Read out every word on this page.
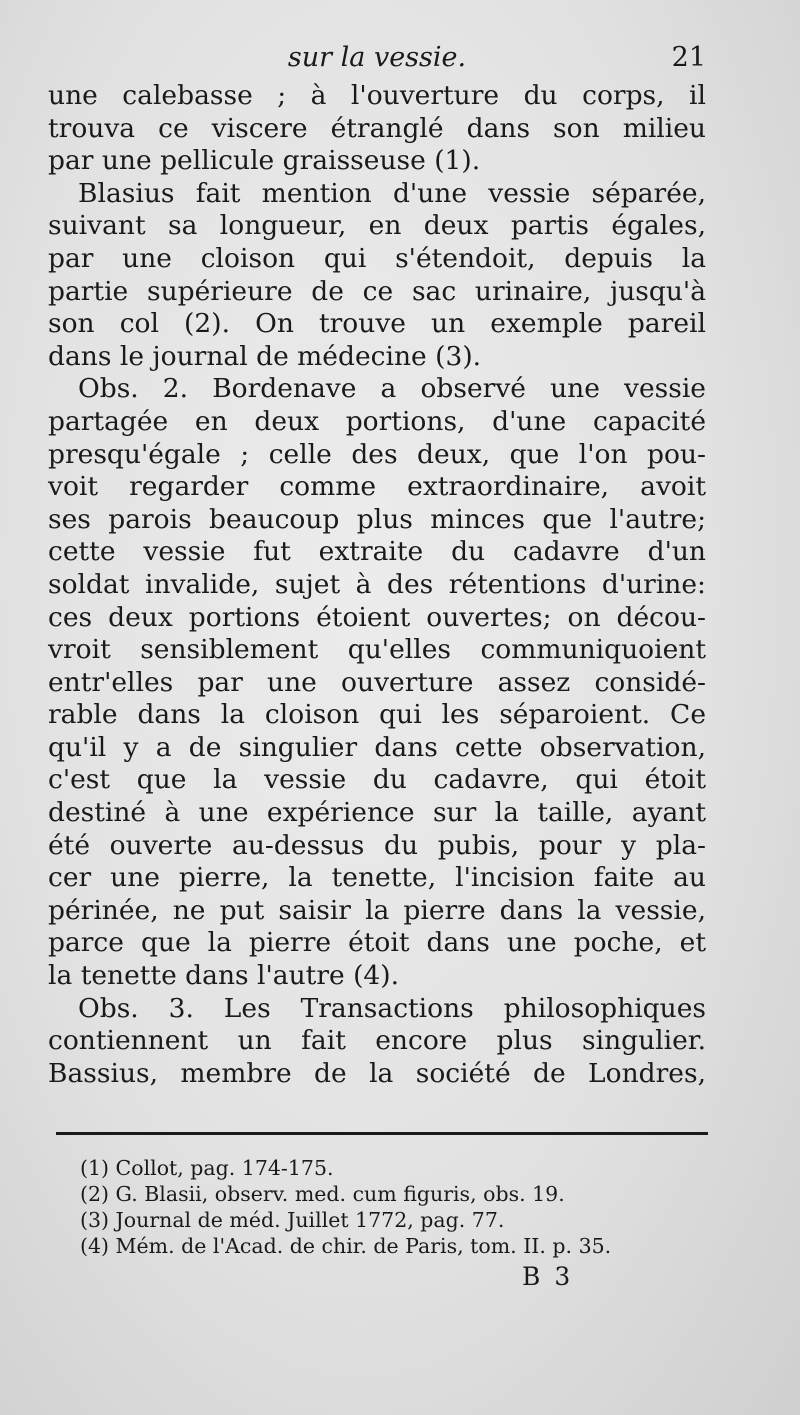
sur la vessie.	21
une calebasse ; à l'ouverture du corps, il
trouva ce viscere étranglé dans son milieu
par une pellicule graisseuse (1).
Blasius fait mention d'une vessie séparée,
suivant sa longueur, en deux partis égales,
par une cloison qui s'étendoit, depuis la
partie supérieure de ce sac urinaire, jusqu'à
son col (2). On trouve un exemple pareil
dans le journal de médecine (3).
Obs. 2. Bordenave a observé une vessie
partagée en deux portions, d'une capacité
presqu'égale ; celle des deux, que l'on pou-
voit regarder comme extraordinaire, avoit
ses parois beaucoup plus minces que l'autre;
cette vessie fut extraite du cadavre d'un
soldat invalide, sujet à des rétentions d'urine:
ces deux portions étoient ouvertes; on décou-
vroit sensiblement qu'elles communiquoient
entr'elles par une ouverture assez considé-
rable dans la cloison qui les séparoient. Ce
qu'il y a de singulier dans cette observation,
c'est que la vessie du cadavre, qui étoit
destiné à une expérience sur la taille, ayant
été ouverte au-dessus du pubis, pour y pla-
cer une pierre, la tenette, l'incision faite au
périnée, ne put saisir la pierre dans la vessie,
parce que la pierre étoit dans une poche, et
la tenette dans l'autre (4).
Obs. 3. Les Transactions philosophiques
contiennent un fait encore plus singulier.
Bassius, membre de la société de Londres,
(1) Collot, pag. 174-175.
(2) G. Blasii, observ. med. cum figuris, obs. 19.
(3) Journal de méd. Juillet 1772, pag. 77.
(4) Mém. de l'Acad. de chir. de Paris, tom. II. p. 35.
B 3
